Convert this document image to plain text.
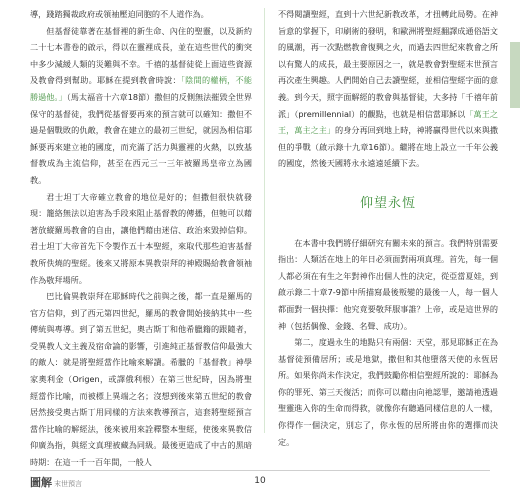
導，踐踏獨裁政府或領袖壓迫同胞的不人道作為。

但基督徒靠著在基督裡的新生命、內住的聖靈，以及新約二十七本書卷的啟示，得以在靈裡成長，並在這些世代的衝突中多少減緩人類的災難與不幸。千禧的基督徒從上面這些資源及教會得到幫助。耶穌在提到教會時說：「陰間的權柄，不能勝過他。」（馬太福音十六章18節）撒但的反側無法摧毀全世界保守的基督徒，我們從基督要再來的預言就可以確知：撒但不過是個戰敗的仇敵，教會在建立的最初三世紀，就因為相信耶穌要再來建立祂的國度，而充滿了活力與靈裡的火熱，以致基督教成為主流信仰，甚至在西元三一三年被羅馬皇帝立為國教。

君士坦丁大帝確立教會的地位是好的；但撒但很快就發現：籠絡無法以迫害為手段來阻止基督教的傳播，但牠可以藉著放縱羅馬教會的自由，讓他們藉由迷信、政治來毀掉信仰。君士坦丁大帝首先下令製作五十本聖經，來取代那些迫害基督教所佚燒的聖經。後來又將原本異教崇拜的神殿賜給教會領袖作為敬拜場所。

巴比倫異教崇拜在耶穌時代之前與之後，都一直是羅馬的官方信仰，到了西元第四世紀，羅馬的教會開始接納其中一些傳統與專導。到了第五世紀，奧古斯丁和他希臘籍的跟隨者，受異教人文主義及宿命論的影響，引進純正基督教信仰最強大的敵人：就是將聖經當作比喻來解讀。希臘的「基督教」神學家奧利金（Origen，或譯俄利根）在第三世紀時，因為將聖經當作比喻，而被標上異端之名；沒想到後來第五世紀的教會居然接受奧古斯丁用同樣的方法來教導預言，這套將聖經預言當作比喻的解經法，後來被用來詮釋整本聖經，使後來異教信仰廣為指，與經文真理被藏為同級。最後更造成了中古的黑暗時期：在這一千一百年間，一般人

不得閱讀聖經，直到十六世紀新教改革，才扭轉此局勢。在神旨意的掌握下，印刷術的發明，和歐洲將聖經翻譯成通俗語文的風潮，再一次點燃教會復興之火，而過去四世紀來教會之所以有驚人的成長，最主要原因之一，就是教會對聖經末世預言再次產生興趣。人們開始自己去讀聖經，並相信聖經字面的意義。到今天，照字面解經的教會與基督徒，大多持「千禧年前派」（premillennial）的觀點，也就是相信當耶穌以「萬王之王，萬主之主」的身分再回到地上時，神將贏得世代以來與撒但的爭戰（啟示錄十九章16節）。繼將在地上設立一千年公義的國度，然後天國將永永遠遠延續下去。

仰望永恆

在本書中我們將仔細研究有關未來的預言。我們特別需要指出：人類活在地上的年日必須面對兩項真理。首先，每一個人都必須在有生之年對神作出個人性的決定，從亞當夏娃，到啟示錄二十章7-9節中所描寫最後叛變的最後一人，每一個人都面對一個抉擇：他究竟要敬拜服事誰？上帝，或是這世界的神（包括偶像、金錢、名聲、成功）。

第二，度過永生的地點只有兩個：天堂，那見耶穌正在為基督徒預備居所；或是地獄，撒但和其他墮落天使的永恆居所。如果你尚未作決定，我們鼓勵你相信聖經所說的：耶穌為你的罪死、第三天復活；而你可以藉由向祂認罪，邀請祂透過聖靈進入你的生命而得救，就像你有聽過同樣信息的人一樣，你得作一個決定，別忘了，你永恆的居所將由你的選擇而決定。

圖解 末世預言	10
